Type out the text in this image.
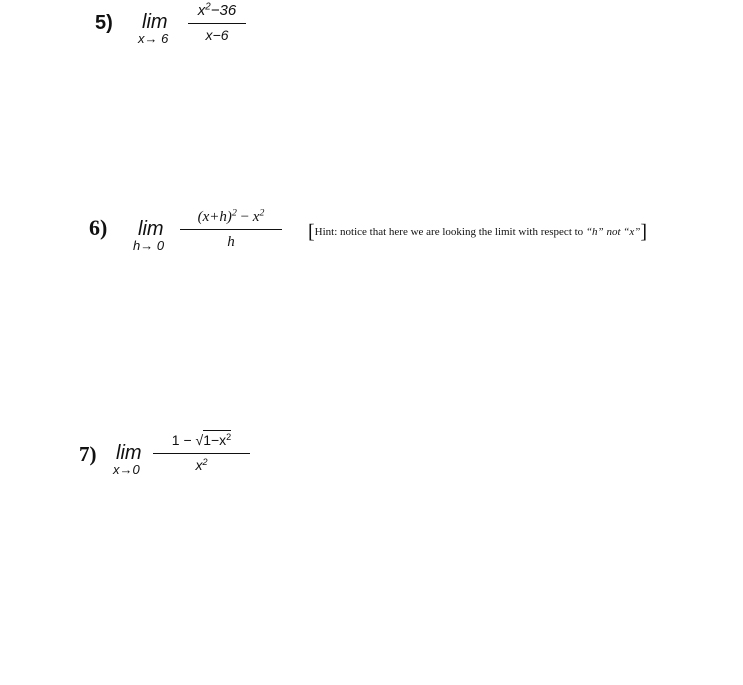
5) lim
x→ 6
$x^2-36$
x−6
6) lim
h→ 0
$(x+h)^2 - x^2$
h	[Hint: notice that here we are looking the limit with respect to “h” not “x”]
7) lim
x→0
$1 - √1-x^2$
$x^2$
